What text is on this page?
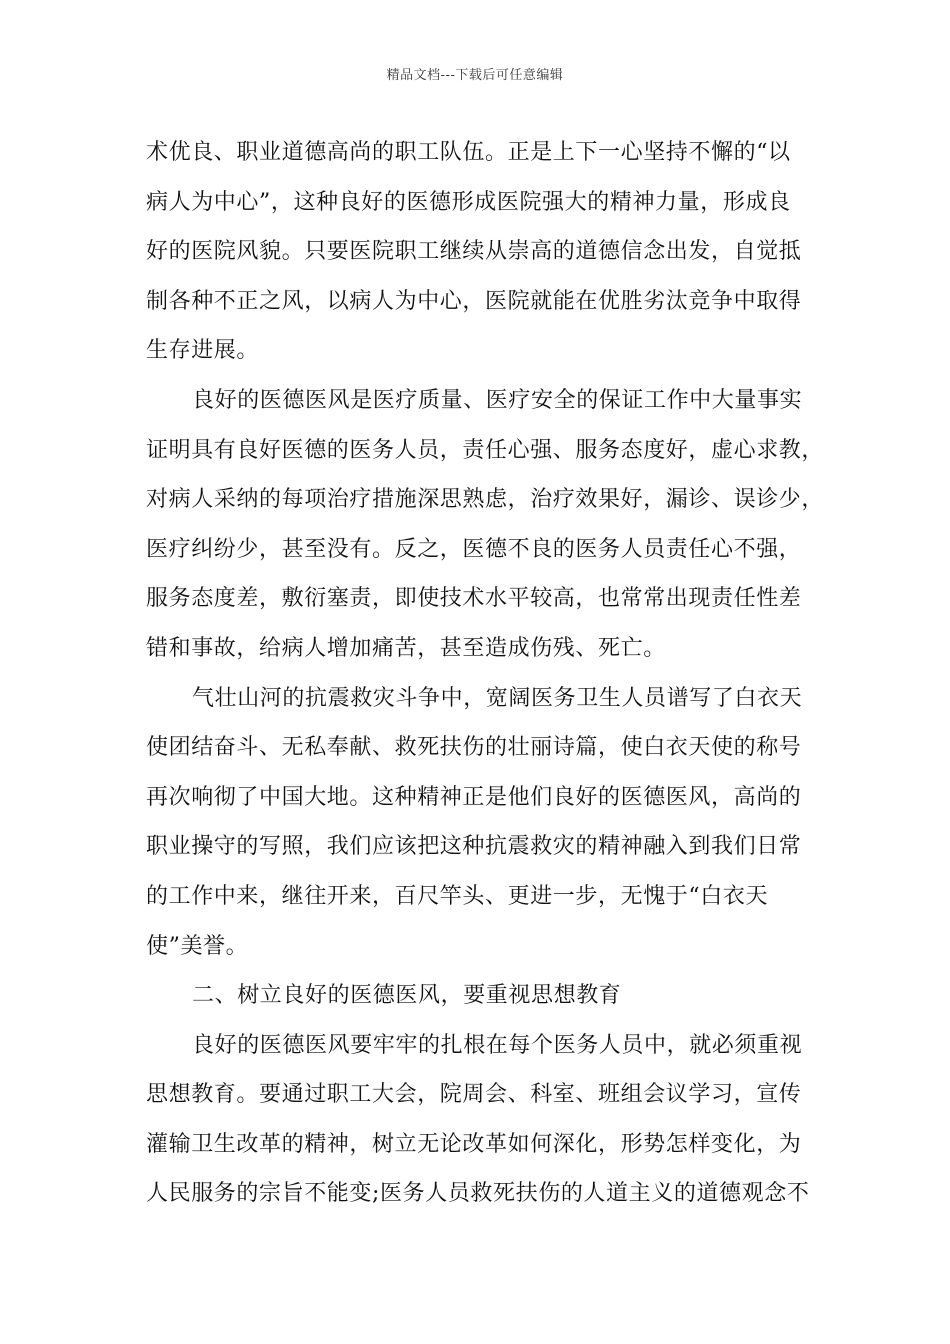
精品文档---下载后可任意编辑
术优良、职业道德高尚的职工队伍。正是上下一心坚持不懈的“以
病人为中心”，这种良好的医德形成医院强大的精神力量，形成良
好的医院风貌。只要医院职工继续从崇高的道德信念出发，自觉抵
制各种不正之风，以病人为中心，医院就能在优胜劣汰竞争中取得
生存进展。
良好的医德医风是医疗质量、医疗安全的保证工作中大量事实
证明具有良好医德的医务人员，责任心强、服务态度好，虚心求教，
对病人采纳的每项治疗措施深思熟虑，治疗效果好，漏诊、误诊少，
医疗纠纷少，甚至没有。反之，医德不良的医务人员责任心不强，
服务态度差，敷衍塞责，即使技术水平较高，也常常出现责任性差
错和事故，给病人增加痛苦，甚至造成伤残、死亡。
气壮山河的抗震救灾斗争中，宽阔医务卫生人员谱写了白衣天
使团结奋斗、无私奉献、救死扶伤的壮丽诗篇，使白衣天使的称号
再次响彻了中国大地。这种精神正是他们良好的医德医风，高尚的
职业操守的写照，我们应该把这种抗震救灾的精神融入到我们日常
的工作中来，继往开来，百尺竿头、更进一步，无愧于“白衣天
使”美誉。
二、树立良好的医德医风，要重视思想教育
良好的医德医风要牢牢的扎根在每个医务人员中，就必须重视
思想教育。要通过职工大会，院周会、科室、班组会议学习，宣传
灌输卫生改革的精神，树立无论改革如何深化，形势怎样变化，为
人民服务的宗旨不能变;医务人员救死扶伤的人道主义的道德观念不
